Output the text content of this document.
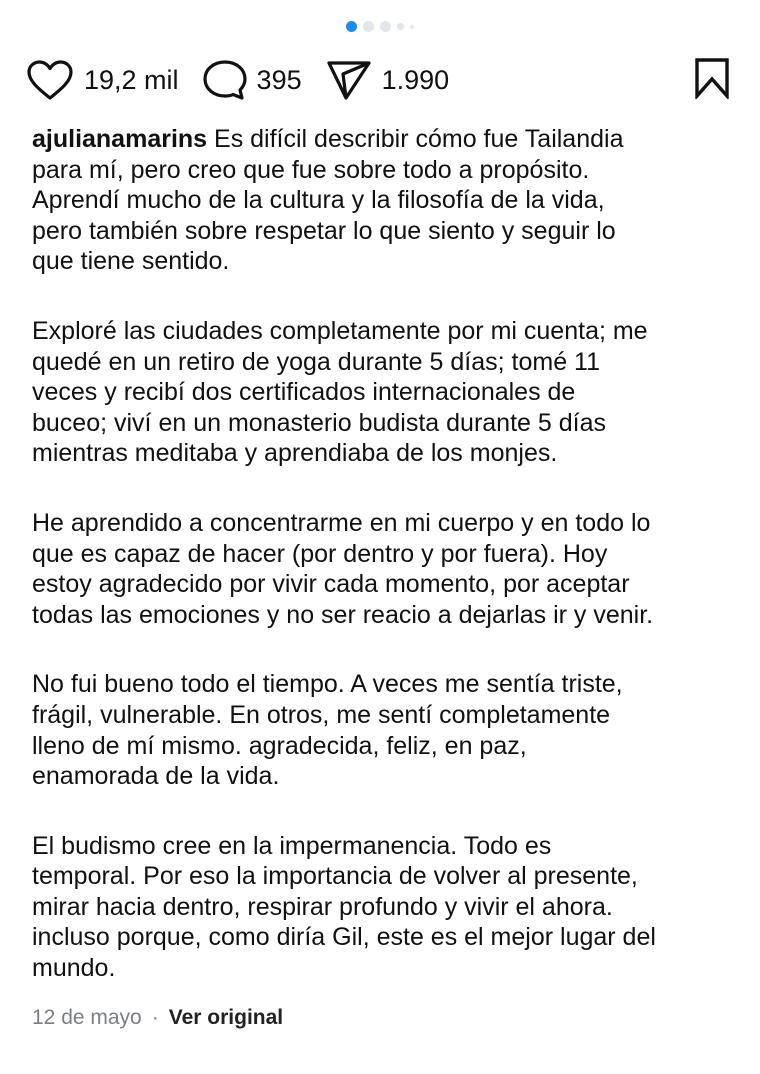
19,2 mil	395	1.990

ajulianamarins Es difícil describir cómo fue Tailandia
para mí, pero creo que fue sobre todo a propósito.
Aprendí mucho de la cultura y la filosofía de la vida,
pero también sobre respetar lo que siento y seguir lo
que tiene sentido.

Exploré las ciudades completamente por mi cuenta; me
quedé en un retiro de yoga durante 5 días; tomé 11
veces y recibí dos certificados internacionales de
buceo; viví en un monasterio budista durante 5 días
mientras meditaba y aprendiaba de los monjes.

He aprendido a concentrarme en mi cuerpo y en todo lo
que es capaz de hacer (por dentro y por fuera). Hoy
estoy agradecido por vivir cada momento, por aceptar
todas las emociones y no ser reacio a dejarlas ir y venir.

No fui bueno todo el tiempo. A veces me sentía triste,
frágil, vulnerable. En otros, me sentí completamente
lleno de mí mismo. agradecida, feliz, en paz,
enamorada de la vida.

El budismo cree en la impermanencia. Todo es
temporal. Por eso la importancia de volver al presente,
mirar hacia dentro, respirar profundo y vivir el ahora.
incluso porque, como diría Gil, este es el mejor lugar del
mundo.

12 de mayo · Ver original
